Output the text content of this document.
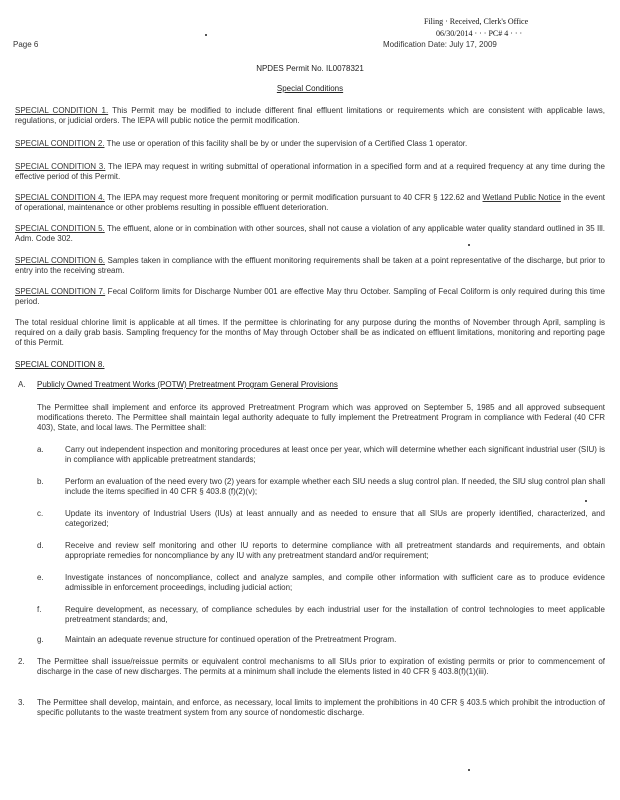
Filing · Received, Clerk's Office
06/30/2014 · · · PC# 4 · · ·
Page 6	Modification Date: July 17, 2009
NPDES Permit No. IL0078321
Special Conditions
SPECIAL CONDITION 1. This Permit may be modified to include different final effluent limitations or requirements which are consistent with applicable laws, regulations, or judicial orders. The IEPA will public notice the permit modification.
SPECIAL CONDITION 2. The use or operation of this facility shall be by or under the supervision of a Certified Class 1 operator.
SPECIAL CONDITION 3. The IEPA may request in writing submittal of operational information in a specified form and at a required frequency at any time during the effective period of this Permit.
SPECIAL CONDITION 4. The IEPA may request more frequent monitoring or permit modification pursuant to 40 CFR § 122.62 and Wetland Public Notice in the event of operational, maintenance or other problems resulting in possible effluent deterioration.
SPECIAL CONDITION 5. The effluent, alone or in combination with other sources, shall not cause a violation of any applicable water quality standard outlined in 35 Ill. Adm. Code 302.
SPECIAL CONDITION 6. Samples taken in compliance with the effluent monitoring requirements shall be taken at a point representative of the discharge, but prior to entry into the receiving stream.
SPECIAL CONDITION 7. Fecal Coliform limits for Discharge Number 001 are effective May thru October. Sampling of Fecal Coliform is only required during this time period.
The total residual chlorine limit is applicable at all times. If the permittee is chlorinating for any purpose during the months of November through April, sampling is required on a daily grab basis. Sampling frequency for the months of May through October shall be as indicated on effluent limitations, monitoring and reporting page of this Permit.
SPECIAL CONDITION 8.
A. Publicly Owned Treatment Works (POTW) Pretreatment Program General Provisions
The Permittee shall implement and enforce its approved Pretreatment Program which was approved on September 5, 1985 and all approved subsequent modifications thereto. The Permittee shall maintain legal authority adequate to fully implement the Pretreatment Program in compliance with Federal (40 CFR 403), State, and local laws. The Permittee shall:
a.	Carry out independent inspection and monitoring procedures at least once per year, which will determine whether each significant industrial user (SIU) is in compliance with applicable pretreatment standards;
b.	Perform an evaluation of the need every two (2) years for example whether each SIU needs a slug control plan. If needed, the SIU slug control plan shall include the items specified in 40 CFR § 403.8 (f)(2)(v);
c.	Update its inventory of Industrial Users (IUs) at least annually and as needed to ensure that all SIUs are properly identified, characterized, and categorized;
d.	Receive and review self monitoring and other IU reports to determine compliance with all pretreatment standards and requirements, and obtain appropriate remedies for noncompliance by any IU with any pretreatment standard and/or requirement;
e.	Investigate instances of noncompliance, collect and analyze samples, and compile other information with sufficient care as to produce evidence admissible in enforcement proceedings, including judicial action;
f.	Require development, as necessary, of compliance schedules by each industrial user for the installation of control technologies to meet applicable pretreatment standards; and,
g.	Maintain an adequate revenue structure for continued operation of the Pretreatment Program.
2. The Permittee shall issue/reissue permits or equivalent control mechanisms to all SIUs prior to expiration of existing permits or prior to commencement of discharge in the case of new discharges. The permits at a minimum shall include the elements listed in 40 CFR § 403.8(f)(1)(iii).
3. The Permittee shall develop, maintain, and enforce, as necessary, local limits to implement the prohibitions in 40 CFR § 403.5 which prohibit the introduction of specific pollutants to the waste treatment system from any source of nondomestic discharge.
